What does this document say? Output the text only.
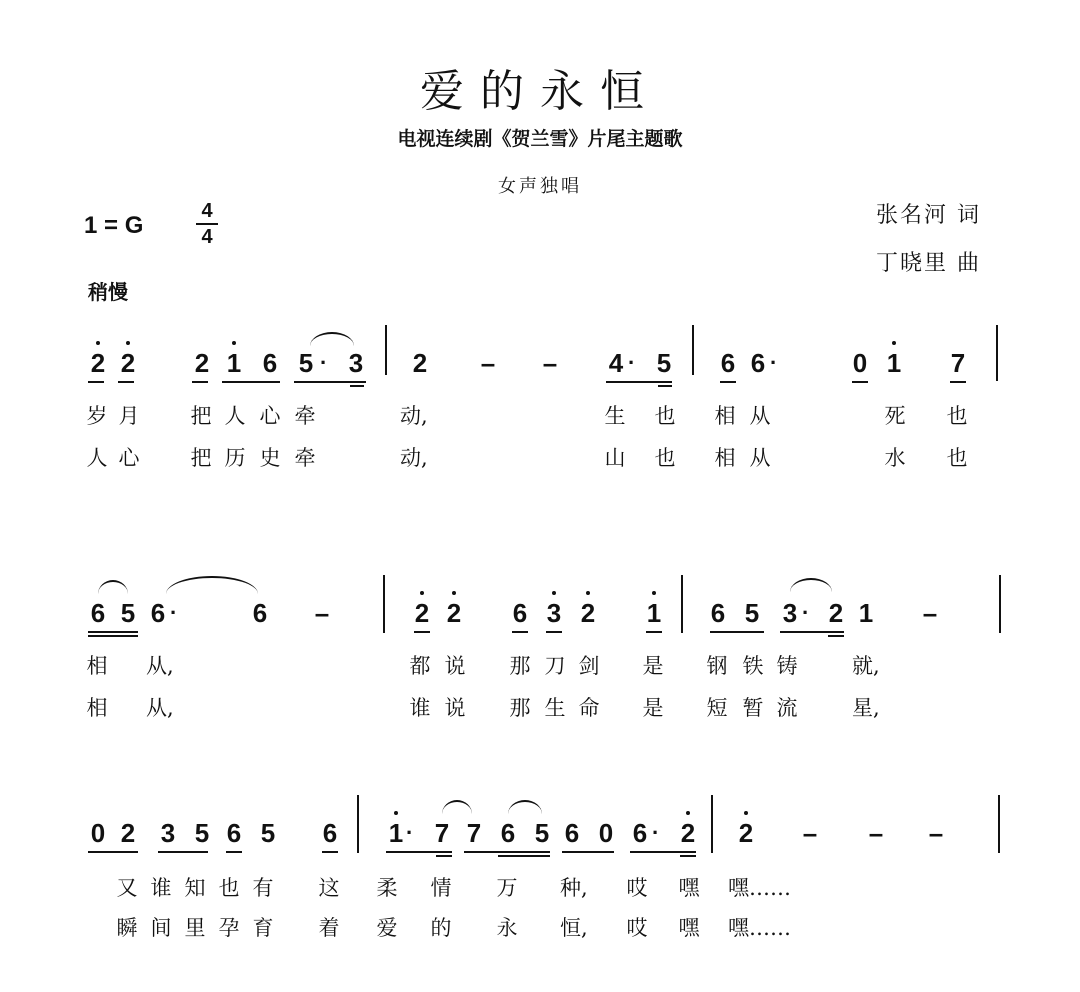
爱的永恒
电视连续剧《贺兰雪》片尾主题歌
女声独唱
1 = G
4
4
稍慢
张名河 词
丁晓里 曲
2 2 2 1 6 5 · 3 2 – – 4 · 5 6 6 ·	0 1 7
岁 月 把 人 心 牵	动,	生 也 相 从	死 也
人 心 把 历 史 牵	动,	山 也 相 从	水 也
6 5 6 ·	6 –	2 2 6 3 2 1 6 5 3 · 2 1 –
相 从,	都 说 那 刀 剑 是 钢 铁 铸	就,
相 从,	谁 说 那 生 命 是 短 暂 流	星,
0 2 3 5 6 5 6 1 · 7 7 6 5 6 0 6 · 2 2 – – –
又 谁 知 也 有 这 柔 情 万 种,	哎 嘿 嘿……
瞬 间 里 孕 育 着 爱 的 永 恒,	哎 嘿 嘿……
